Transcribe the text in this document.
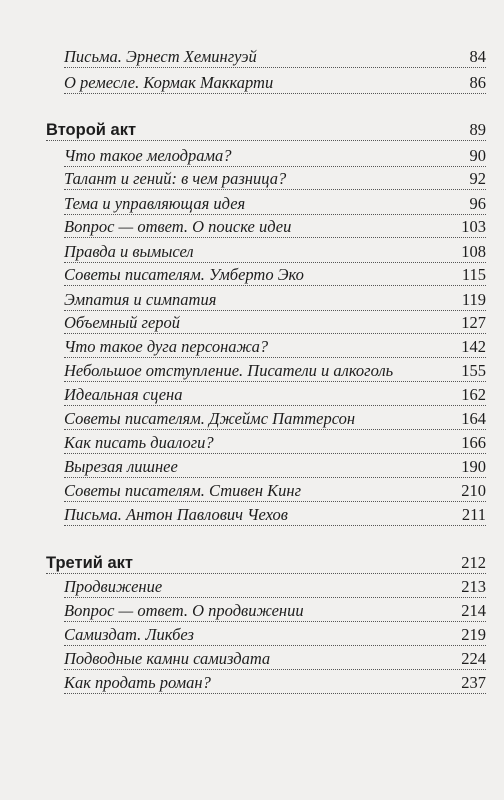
Письма. Эрнест Хемингуэй	84
О ремесле. Кормак Маккарти	86
Второй акт	89
Что такое мелодрама?	90
Талант и гений: в чем разница?	92
Тема и управляющая идея	96
Вопрос — ответ. О поиске идеи	103
Правда и вымысел	108
Советы писателям. Умберто Эко	115
Эмпатия и симпатия	119
Объемный герой	127
Что такое дуга персонажа?	142
Небольшое отступление. Писатели и алкоголь	155
Идеальная сцена	162
Советы писателям. Джеймс Паттерсон	164
Как писать диалоги?	166
Вырезая лишнее	190
Советы писателям. Стивен Кинг	210
Письма. Антон Павлович Чехов	211
Третий акт	212
Продвижение	213
Вопрос — ответ. О продвижении	214
Самиздат. Ликбез	219
Подводные камни самиздата	224
Как продать роман?	237
